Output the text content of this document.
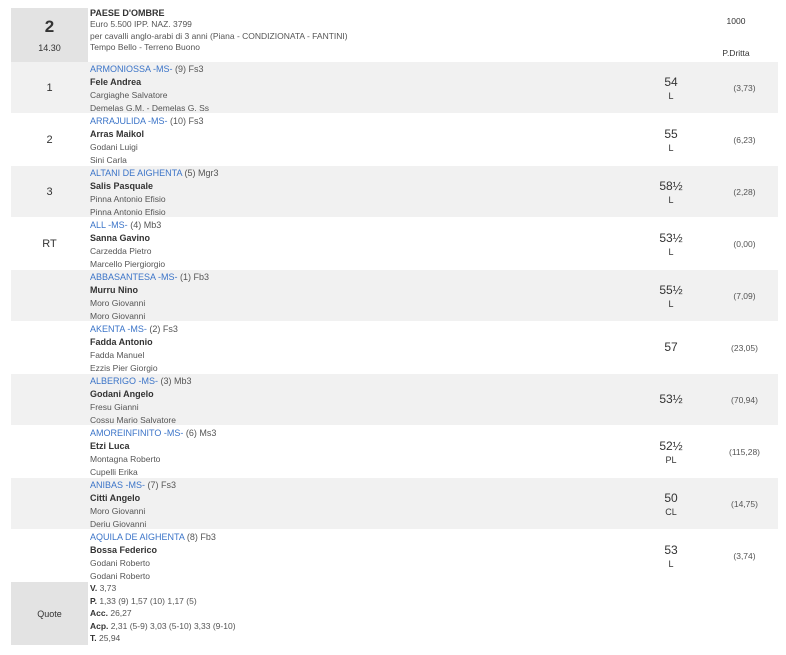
2
14.30
PAESE D'OMBRE
Euro 5.500 IPP. NAZ. 3799
per cavalli anglo-arabi di 3 anni (Piana - CONDIZIONATA - FANTINI)
Tempo Bello - Terreno Buono
1000
P.Dritta
1
ARMONIOSSA -MS- (9) Fs3
Fele Andrea
Cargiaghe Salvatore
Demelas G.M. - Demelas G. Ss
54
L
(3,73)
2
ARRAJULIDA -MS- (10) Fs3
Arras Maikol
Godani Luigi
Sini Carla
55
L
(6,23)
3
ALTANI DE AIGHENTA (5) Mgr3
Salis Pasquale
Pinna Antonio Efisio
Pinna Antonio Efisio
58½
L
(2,28)
RT
ALL -MS- (4) Mb3
Sanna Gavino
Carzedda Pietro
Marcello Piergiorgio
53½
L
(0,00)
ABBASANTESA -MS- (1) Fb3
Murru Nino
Moro Giovanni
Moro Giovanni
55½
L
(7,09)
AKENTA -MS- (2) Fs3
Fadda Antonio
Fadda Manuel
Ezzis Pier Giorgio
57	(23,05)
ALBERIGO -MS- (3) Mb3
Godani Angelo
Fresu Gianni
Cossu Mario Salvatore
53½	(70,94)
AMOREINFINITO -MS- (6) Ms3
Etzi Luca
Montagna Roberto
Cupelli Erika
52½
PL
(115,28)
ANIBAS -MS- (7) Fs3
Citti Angelo
Moro Giovanni
Deriu Giovanni
50
CL
(14,75)
AQUILA DE AIGHENTA (8) Fb3
Bossa Federico
Godani Roberto
Godani Roberto
53
L
(3,74)
Quote
V. 3,73
P. 1,33 (9) 1,57 (10) 1,17 (5)
Acc. 26,27
Acp. 2,31 (5-9) 3,03 (5-10) 3,33 (9-10)
T. 25,94
